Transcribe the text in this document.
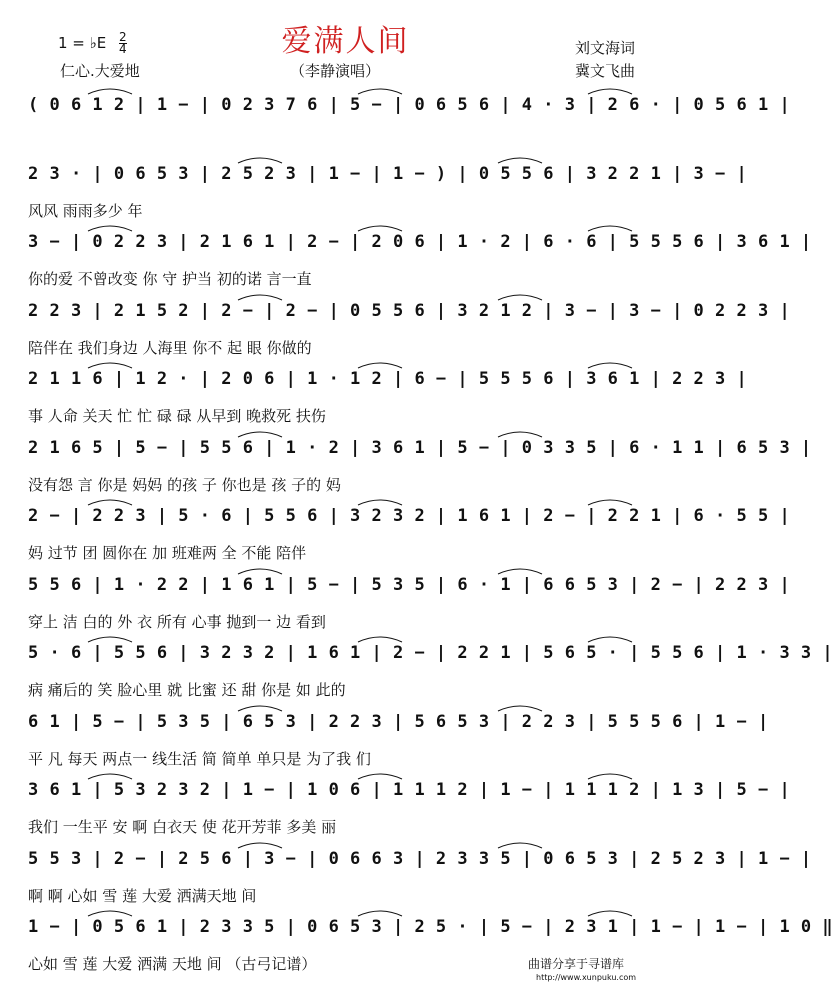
爱满人间
1 = ♭E $\frac{2}{4}$
仁心.大爱地	（李静演唱）
刘文海词
冀文飞曲
( 0 6 1 2 | 1 − | 0 2 3 7 6 | 5 − | 0 6 5 6 | 4 · 3 | 2 6 · | 0 5 6 1 |
2 3 · | 0 6 5 3 | 2 5 2 3 | 1 − | 1 − ) | 0 5 5 6 | 3 2 2 1 | 3 − |
风风 雨雨多少 年
3 − | 0 2 2 3 | 2 1 6 1 | 2 − | 2 0 6 | 1 · 2 | 6 · 6 | 5 5 5 6 | 3 6 1 |
你的爱 不曾改变 你 守 护当 初的诺 言一直
2 2 3 | 2 1 5 2 | 2 − | 2 − | 0 5 5 6 | 3 2 1 2 | 3 − | 3 − | 0 2 2 3 |
陪伴在 我们身边 人海里 你不 起 眼 你做的
2 1 1 6 | 1 2 · | 2 0 6 | 1 · 1 2 | 6 − | 5 5 5 6 | 3 6 1 | 2 2 3 |
事 人命 关天 忙 忙 碌 碌 从早到 晚救死 扶伤
2 1 6 5 | 5 − | 5 5 6 | 1 · 2 | 3 6 1 | 5 − | 0 3 3 5 | 6 · 1 1 | 6 5 3 |
没有怨 言 你是 妈妈 的孩 子 你也是 孩 子的 妈
2 − | 2 2 3 | 5 · 6 | 5 5 6 | 3 2 3 2 | 1 6 1 | 2 − | 2 2 1 | 6 · 5 5 |
妈 过节 团 圆你在 加 班难两 全 不能 陪伴
5 5 6 | 1 · 2 2 | 1 6 1 | 5 − | 5 3 5 | 6 · 1 | 6 6 5 3 | 2 − | 2 2 3 |
穿上 洁 白的 外 衣 所有 心事 抛到一 边 看到
5 · 6 | 5 5 6 | 3 2 3 2 | 1 6 1 | 2 − | 2 2 1 | 5 6 5 · | 5 5 6 | 1 · 3 3 |
病 痛后的 笑 脸心里 就 比蜜 还 甜 你是 如 此的
6 1 | 5 − | 5 3 5 | 6 5 3 | 2 2 3 | 5 6 5 3 | 2 2 3 | 5 5 5 6 | 1 − |
平 凡 每天 两点一 线生活 简 简单 单只是 为了我 们
3 6 1 | 5 3 2 3 2 | 1 − | 1 0 6 | 1 1 1 2 | 1 − | 1 1 1 2 | 1 3 | 5 − |
我们 一生平 安 啊 白衣天 使 花开芳菲 多美 丽
5 5 3 | 2 − | 2 5 6 | 3 − | 0 6 6 3 | 2 3 3 5 | 0 6 5 3 | 2 5 2 3 | 1 − |
啊 啊 心如 雪 莲 大爱 洒满天地 间
1 − | 0 5 6 1 | 2 3 3 5 | 0 6 5 3 | 2 5 · | 5 − | 2 3 1 | 1 − | 1 − | 1 0 ‖
心如 雪 莲 大爱 洒满 天地 间 （古弓记谱）	曲谱分享于寻谱库
http://www.xunpuku.com
